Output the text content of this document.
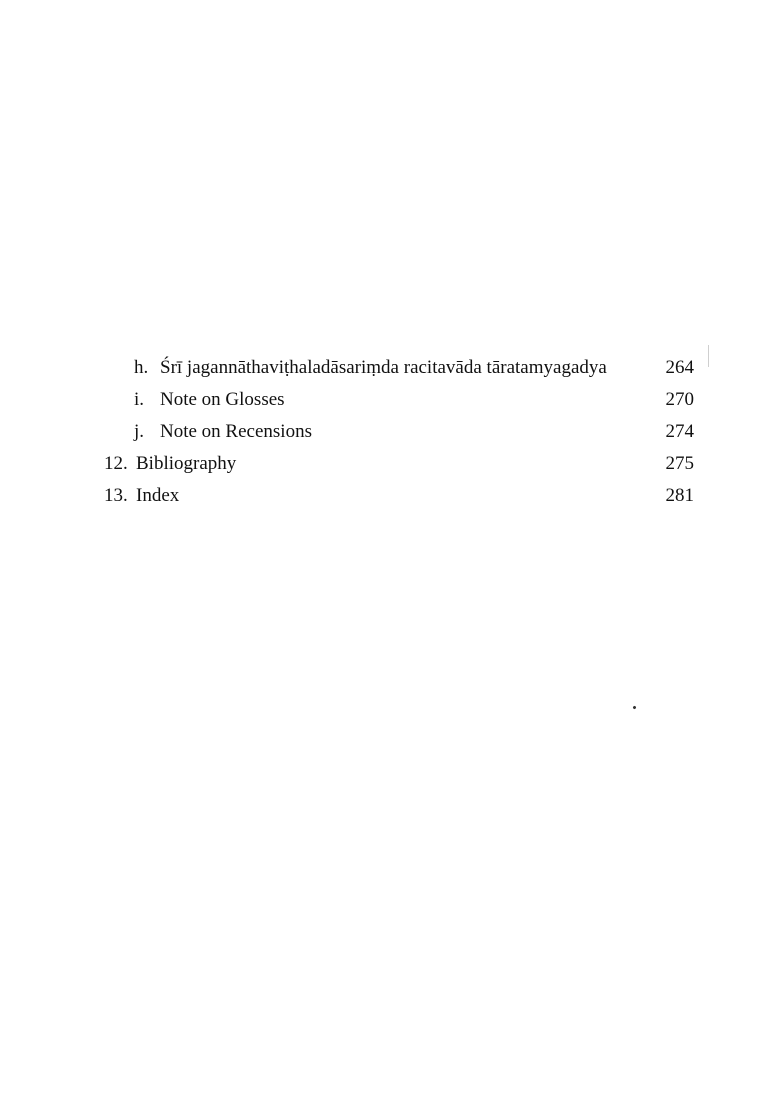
h. Śrī jagannāthaviṭhaladāsariṃda racitavāda tāratamyagadya	264
i. Note on Glosses	270
j. Note on Recensions	274
12. Bibliography	275
13. Index	281
